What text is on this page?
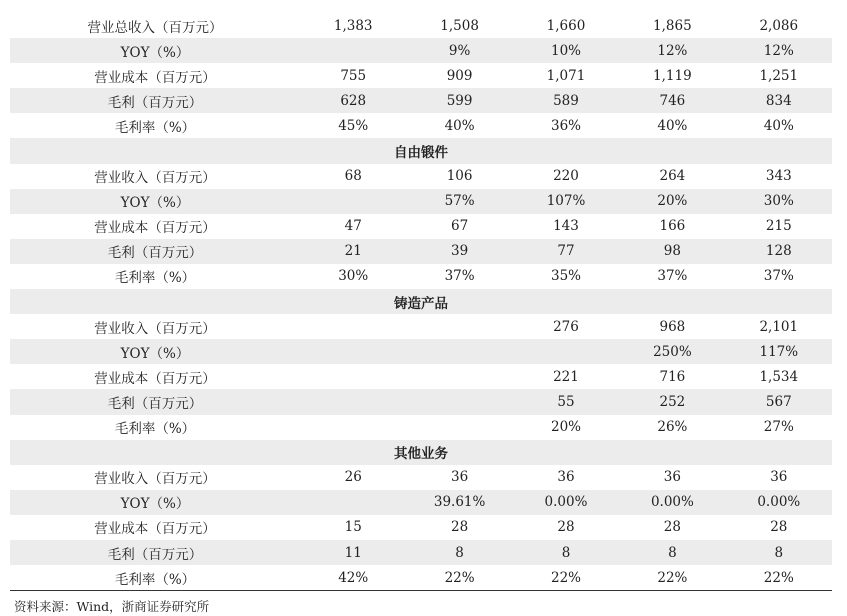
营业总收入（百万元）	1,383	1,508	1,660	1,865	2,086
YOY（%）		9%	10%	12%	12%
营业成本（百万元）	755	909	1,071	1,119	1,251
毛利（百万元）	628	599	589	746	834
毛利率（%）	45%	40%	36%	40%	40%
自由锻件					
营业收入（百万元）	68	106	220	264	343
YOY（%）		57%	107%	20%	30%
营业成本（百万元）	47	67	143	166	215
毛利（百万元）	21	39	77	98	128
毛利率（%）	30%	37%	35%	37%	37%
铸造产品					
营业收入（百万元）			276	968	2,101
YOY（%）				250%	117%
营业成本（百万元）			221	716	1,534
毛利（百万元）			55	252	567
毛利率（%）			20%	26%	27%
其他业务					
营业收入（百万元）	26	36	36	36	36
YOY（%）		39.61%	0.00%	0.00%	0.00%
营业成本（百万元）	15	28	28	28	28
毛利（百万元）	11	8	8	8	8
毛利率（%）	42%	22%	22%	22%	22%
资料来源：Wind，浙商证券研究所
